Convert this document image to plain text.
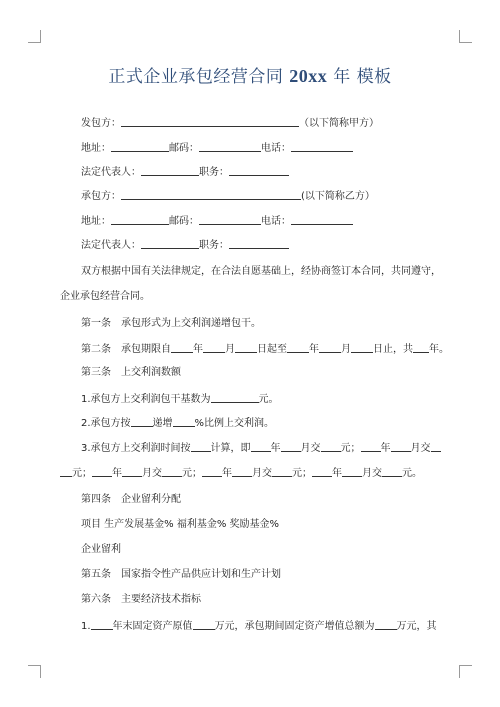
正式企业承包经营合同 20xx 年 模板
发包方：	（以下简称甲方）
地址：	邮码：	电话：
法定代表人：	职务：
承包方：	(以下简称乙方）
地址：	邮码：	电话：
法定代表人：	职务：
双方根据中国有关法律规定，在合法自愿基础上，经协商签订本合同，共同遵守，
企业承包经营合同。
第一条　承包形式为上交利润递增包干。
第二条　承包期限自 年 月 日起至 年 月 日止，共 年。
第三条　上交利润数额
1.承包方上交利润包干基数为	元。
2.承包方按 递增 %比例上交利润。
3.承包方上交利润时间按 计算，即 年 月交 元； 年 月交
元； 年 月交 元； 年 月交 元； 年 月交 元。
第四条　企业留利分配
项目 生产发展基金% 福利基金% 奖励基金%
企业留利
第五条　国家指令性产品供应计划和生产计划
第六条　主要经济技术指标
1. 年末固定资产原值 万元，承包期间固定资产增值总额为 万元，其
